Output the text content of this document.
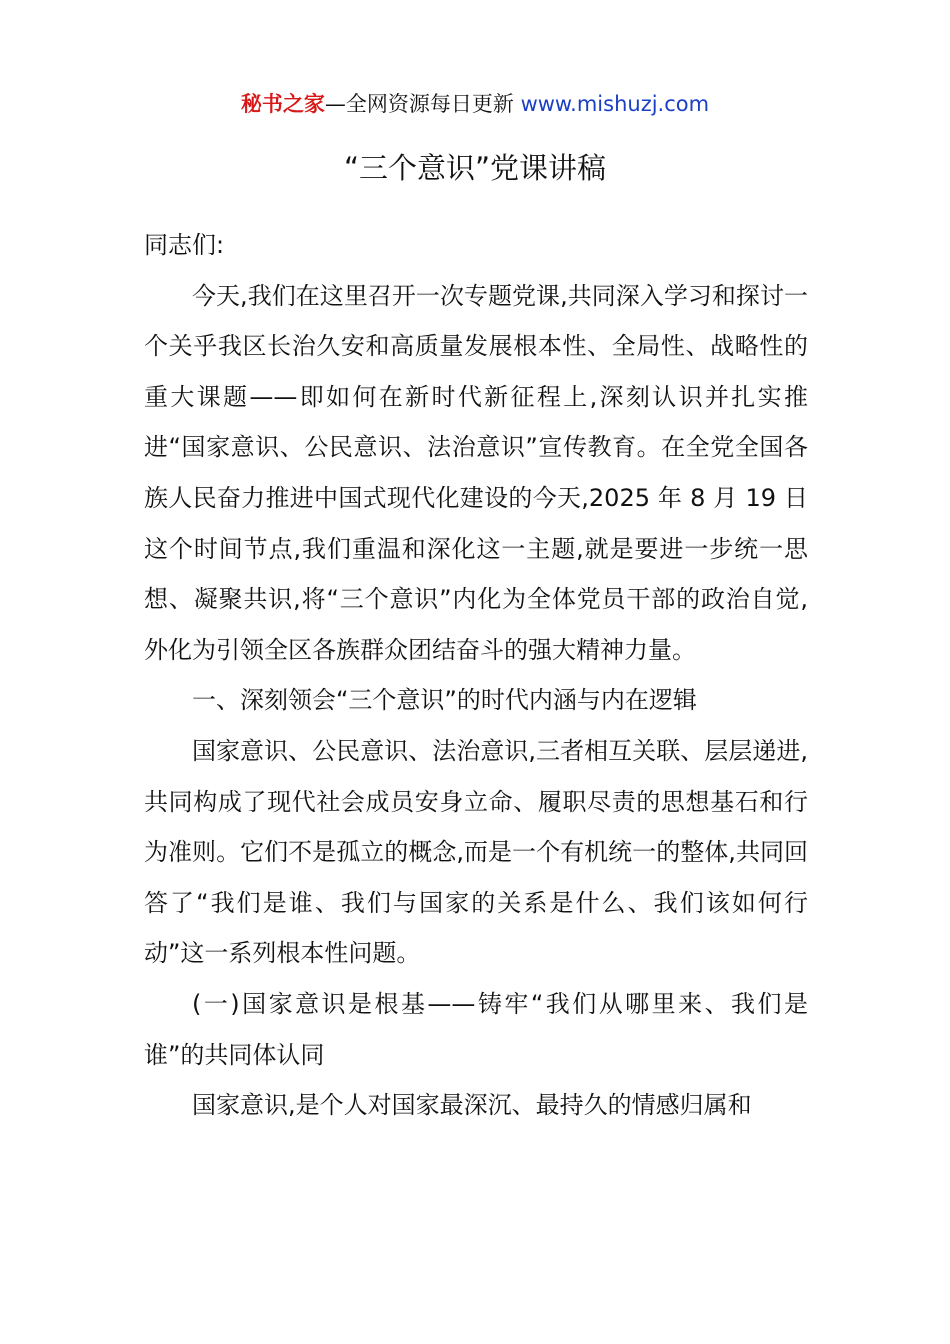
秘书之家—全网资源每日更新 www.mishuzj.com
“三个意识”党课讲稿

同志们:

今天,我们在这里召开一次专题党课,共同深入学习和探讨一个关乎我区长治久安和高质量发展根本性、全局性、战略性的重大课题——即如何在新时代新征程上,深刻认识并扎实推进“国家意识、公民意识、法治意识”宣传教育。在全党全国各族人民奋力推进中国式现代化建设的今天,2025 年 8 月 19 日这个时间节点,我们重温和深化这一主题,就是要进一步统一思想、凝聚共识,将“三个意识”内化为全体党员干部的政治自觉,外化为引领全区各族群众团结奋斗的强大精神力量。

一、深刻领会“三个意识”的时代内涵与内在逻辑

国家意识、公民意识、法治意识,三者相互关联、层层递进,共同构成了现代社会成员安身立命、履职尽责的思想基石和行为准则。它们不是孤立的概念,而是一个有机统一的整体,共同回答了“我们是谁、我们与国家的关系是什么、我们该如何行动”这一系列根本性问题。

(一)国家意识是根基——铸牢“我们从哪里来、我们是谁”的共同体认同

国家意识,是个人对国家最深沉、最持久的情感归属和
